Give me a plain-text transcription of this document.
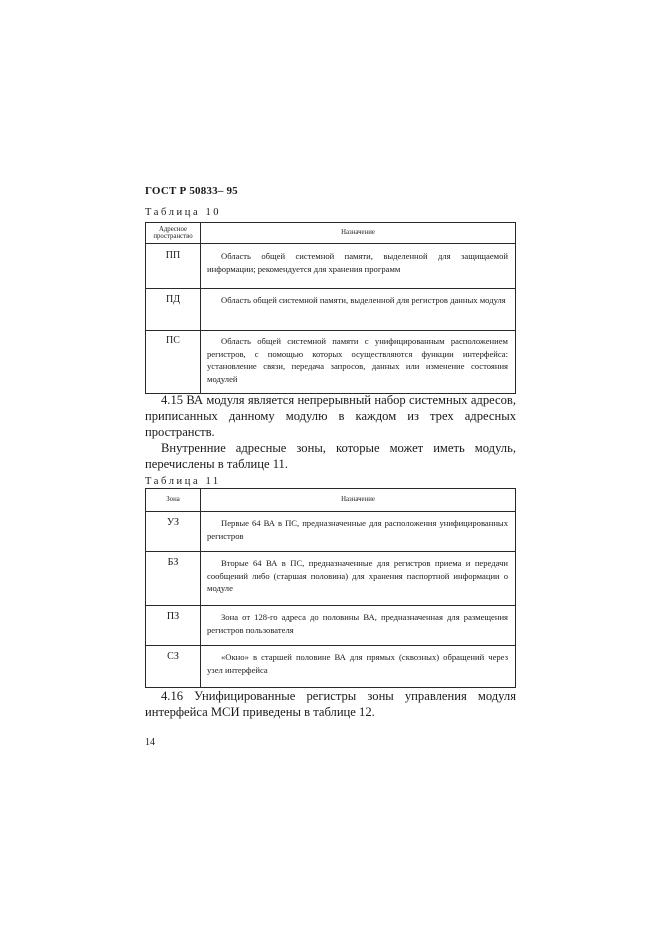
ГОСТ Р 50833– 95
Таблица 10
Адресное пространство	Назначение
ПП	Область общей системной памяти, выделенной для защищаемой информации; рекомендуется для хранения программ
ПД	Область общей системной памяти, выделенной для регистров данных модуля
ПС	Область общей системной памяти с унифицированным расположением регистров, с помощью которых осуществляются функции интерфейса: установление связи, передача запросов, данных или изменение состояния модулей

4.15 ВА модуля является непрерывный набор системных адресов, приписанных данному модулю в каждом из трех адресных пространств.

Внутренние адресные зоны, которые может иметь модуль, перечислены в таблице 11.

Таблица 11
Зона	Назначение
УЗ	Первые 64 ВА в ПС, предназначенные для расположения унифицированных регистров
БЗ	Вторые 64 ВА в ПС, предназначенные для регистров приема и передачи сообщений либо (старшая половина) для хранения паспортной информации о модуле
ПЗ	Зона от 128-го адреса до половины ВА, предназначенная для размещения регистров пользователя
СЗ	«Окно» в старшей половине ВА для прямых (сквозных) обращений через узел интерфейса

4.16 Унифицированные регистры зоны управления модуля интерфейса МСИ приведены в таблице 12.

14
